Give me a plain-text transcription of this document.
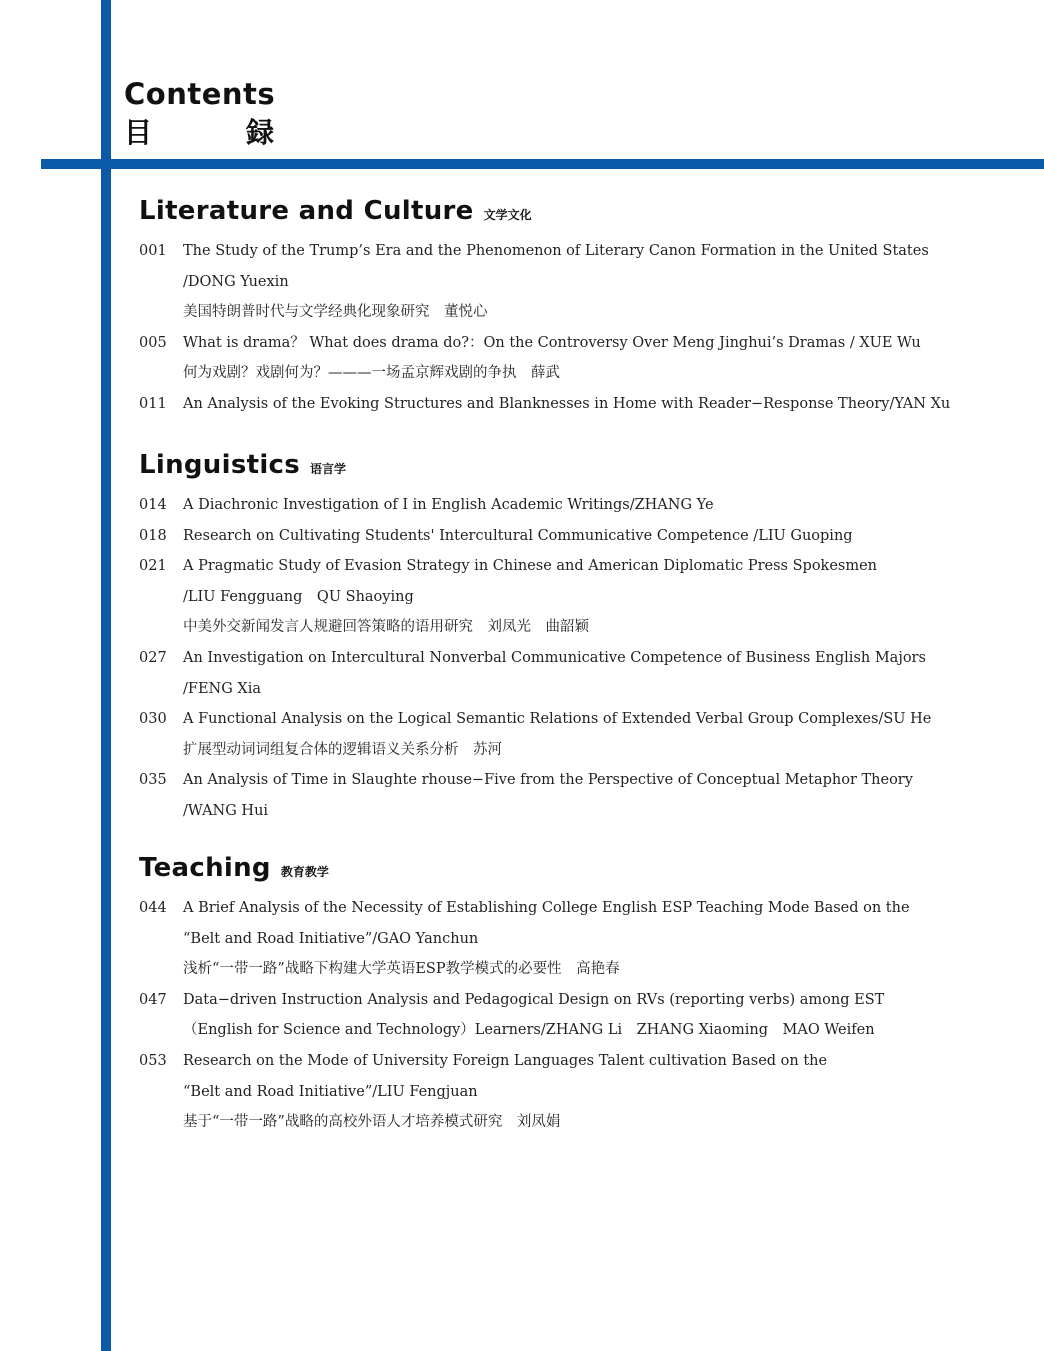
Contents
目	録
Literature and Culture 文学文化
001	The Study of the Trump’s Era and the Phenomenon of Literary Canon Formation in the United States
/DONG Yuexin
美国特朗普时代与文学经典化现象研究　董悦心
005	What is drama？ What does drama do?：On the Controversy Over Meng Jinghui’s Dramas / XUE Wu
何为戏剧？戏剧何为？———一场孟京辉戏剧的争执　薛武
011	An Analysis of the Evoking Structures and Blanknesses in Home with Reader−Response Theory/YAN Xu
Linguistics 语言学
014	A Diachronic Investigation of I in English Academic Writings/ZHANG Ye
018	Research on Cultivating Students' Intercultural Communicative Competence /LIU Guoping
021	A Pragmatic Study of Evasion Strategy in Chinese and American Diplomatic Press Spokesmen
/LIU Fengguang　QU Shaoying
中美外交新闻发言人规避回答策略的语用研究　刘凤光　曲韶颖
027	An Investigation on Intercultural Nonverbal Communicative Competence of Business English Majors
/FENG Xia
030	A Functional Analysis on the Logical Semantic Relations of Extended Verbal Group Complexes/SU He
扩展型动词词组复合体的逻辑语义关系分析　苏河
035	An Analysis of Time in Slaughte rhouse−Five from the Perspective of Conceptual Metaphor Theory
/WANG Hui
Teaching 教育教学
044	A Brief Analysis of the Necessity of Establishing College English ESP Teaching Mode Based on the
“Belt and Road Initiative”/GAO Yanchun
浅析“一带一路”战略下构建大学英语ESP教学模式的必要性　高艳春
047	Data−driven Instruction Analysis and Pedagogical Design on RVs (reporting verbs) among EST
（English for Science and Technology）Learners/ZHANG Li　ZHANG Xiaoming　MAO Weifen
053	Research on the Mode of University Foreign Languages Talent cultivation Based on the
“Belt and Road Initiative”/LIU Fengjuan
基于“一带一路”战略的高校外语人才培养模式研究　刘凤娟
